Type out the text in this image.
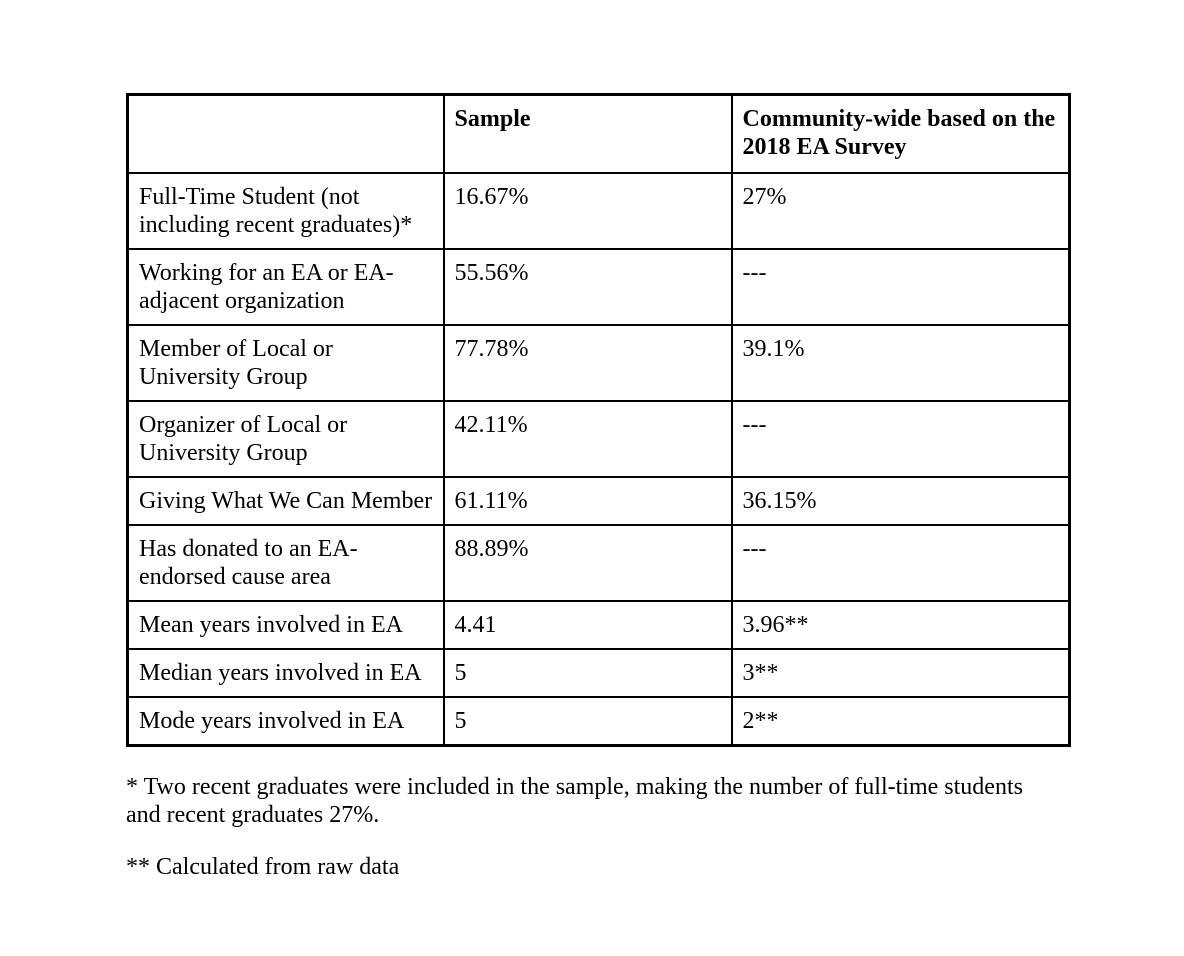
	Sample	Community-wide based on the 2018 EA Survey
Full-Time Student (not including recent graduates)*	16.67%	27%
Working for an EA or EA-adjacent organization	55.56%	---
Member of Local or University Group	77.78%	39.1%
Organizer of Local or University Group	42.11%	---
Giving What We Can Member	61.11%	36.15%
Has donated to an EA-endorsed cause area	88.89%	---
Mean years involved in EA	4.41	3.96**
Median years involved in EA	5	3**
Mode years involved in EA	5	2**

* Two recent graduates were included in the sample, making the number of full-time students and recent graduates 27%.

** Calculated from raw data
